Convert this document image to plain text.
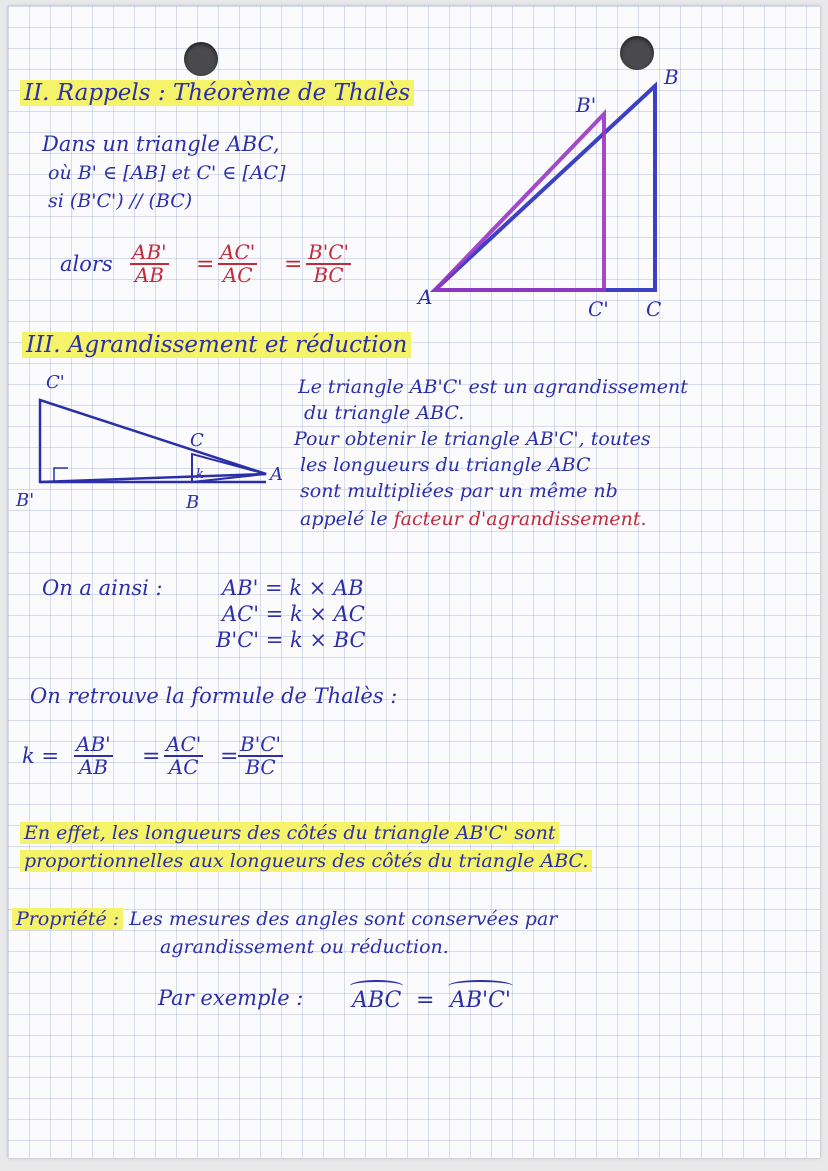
II. Rappels : Théorème de Thalès
Dans un triangle ABC,
où B' ∈ [AB] et C' ∈ [AC]
si (B'C') // (BC)
alors $\frac{AB'}{AB} = \frac{AC'}{AC} = \frac{B'C'}{BC}$
A
B
B'
C' C
III. Agrandissement et réduction
C'
C
k	A
B'	B
Le triangle AB'C' est un agrandissement
du triangle ABC.
Pour obtenir le triangle AB'C', toutes
les longueurs du triangle ABC
sont multipliées par un même nb
appelé le facteur d'agrandissement.
On a ainsi :	AB' = k × AB
AC' = k × AC
B'C' = k × BC
On retrouve la formule de Thalès :
$k = \frac{AB'}{AB} = \frac{AC'}{AC} = \frac{B'C'}{BC}$
En effet, les longueurs des côtés du triangle AB'C' sont
proportionnelles aux longueurs des côtés du triangle ABC.
Propriété : Les mesures des angles sont conservées par
agrandissement ou réduction.
Par exemple : ABC = AB'C'
